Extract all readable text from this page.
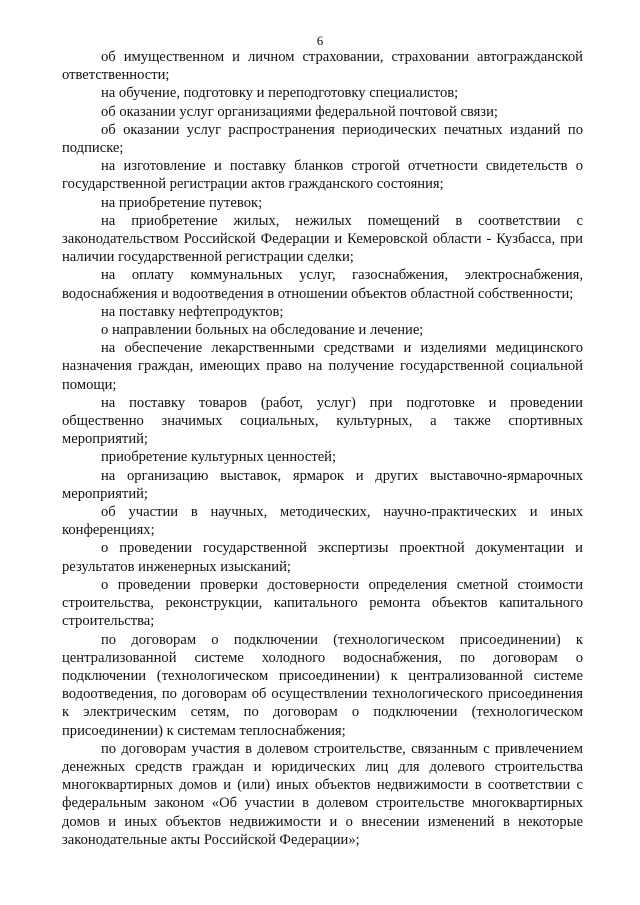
6

об имущественном и личном страховании, страховании автогражданской ответственности;

на обучение, подготовку и переподготовку специалистов;

об оказании услуг организациями федеральной почтовой связи;

об оказании услуг распространения периодических печатных изданий по подписке;

на изготовление и поставку бланков строгой отчетности свидетельств о государственной регистрации актов гражданского состояния;

на приобретение путевок;

на приобретение жилых, нежилых помещений в соответствии с законодательством Российской Федерации и Кемеровской области - Кузбасса, при наличии государственной регистрации сделки;

на оплату коммунальных услуг, газоснабжения, электроснабжения, водоснабжения и водоотведения в отношении объектов областной собственности;

на поставку нефтепродуктов;

о направлении больных на обследование и лечение;

на обеспечение лекарственными средствами и изделиями медицинского назначения граждан, имеющих право на получение государственной социальной помощи;

на поставку товаров (работ, услуг) при подготовке и проведении общественно значимых социальных, культурных, а также спортивных мероприятий;

приобретение культурных ценностей;

на организацию выставок, ярмарок и других выставочно-ярмарочных мероприятий;

об участии в научных, методических, научно-практических и иных конференциях;

о проведении государственной экспертизы проектной документации и результатов инженерных изысканий;

о проведении проверки достоверности определения сметной стоимости строительства, реконструкции, капитального ремонта объектов капитального строительства;

по договорам о подключении (технологическом присоединении) к централизованной системе холодного водоснабжения, по договорам о подключении (технологическом присоединении) к централизованной системе водоотведения, по договорам об осуществлении технологического присоединения к электрическим сетям, по договорам о подключении (технологическом присоединении) к системам теплоснабжения;

по договорам участия в долевом строительстве, связанным с привлечением денежных средств граждан и юридических лиц для долевого строительства многоквартирных домов и (или) иных объектов недвижимости в соответствии с федеральным законом «Об участии в долевом строительстве многоквартирных домов и иных объектов недвижимости и о внесении изменений в некоторые законодательные акты Российской Федерации»;
